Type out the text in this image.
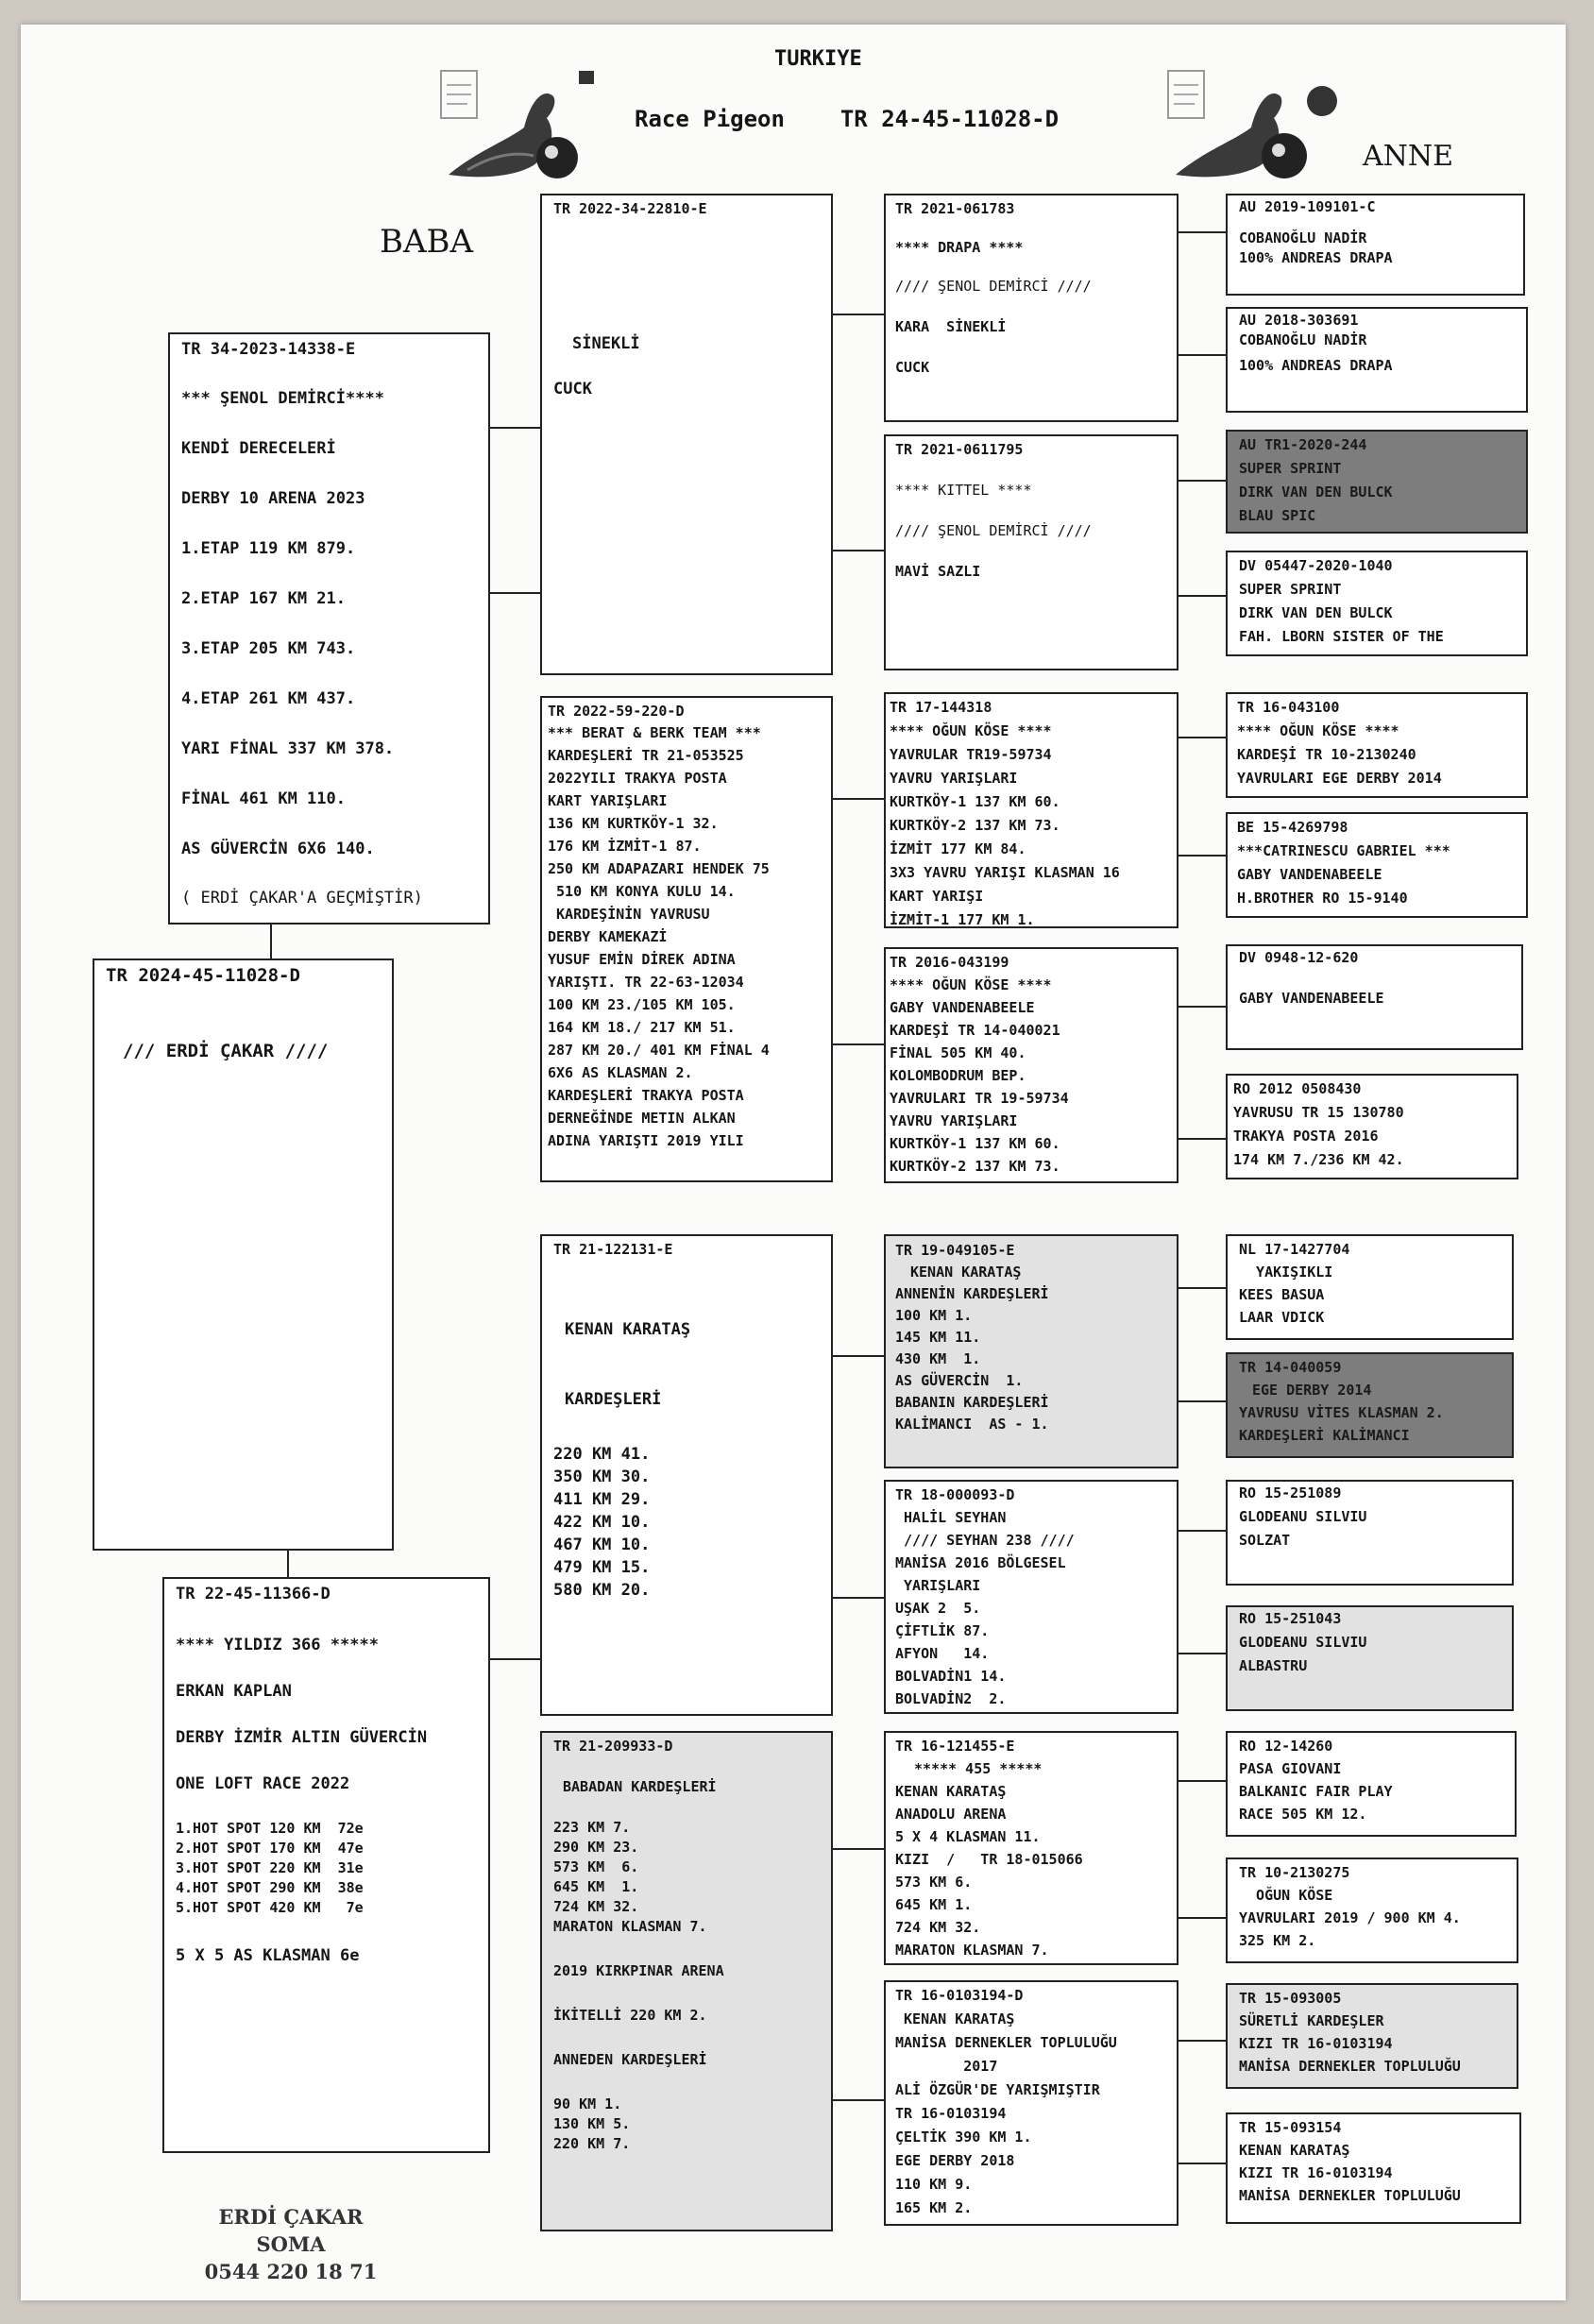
TURKIYE
Race Pigeon TR 24-45-11028-D
BABA
ANNE
TR 2024-45-11028-D
/// ERDİ ÇAKAR ////
TR 34-2023-14338-E
*** ŞENOL DEMİRCİ****
KENDİ DERECELERİ
DERBY 10 ARENA 2023
1.ETAP 119 KM 879.
2.ETAP 167 KM 21.
3.ETAP 205 KM 743.
4.ETAP 261 KM 437.
YARI FİNAL 337 KM 378.
FİNAL 461 KM 110.
AS GÜVERCİN 6X6 140.
( ERDİ ÇAKAR'A GEÇMİŞTİR)
TR 22-45-11366-D
**** YILDIZ 366 *****
ERKAN KAPLAN
DERBY İZMİR ALTIN GÜVERCİN
ONE LOFT RACE 2022
1.HOT SPOT 120 KM  72e
2.HOT SPOT 170 KM  47e
3.HOT SPOT 220 KM  31e
4.HOT SPOT 290 KM  38e
5.HOT SPOT 420 KM   7e
5 X 5 AS KLASMAN 6e
TR 2022-34-22810-E
SİNEKLİ
CUCK
TR 2022-59-220-D
*** BERAT & BERK TEAM ***
KARDEŞLERİ TR 21-053525
2022YILI TRAKYA POSTA
KART YARIŞLARI
136 KM KURTKÖY-1 32.
176 KM İZMİT-1 87.
250 KM ADAPAZARI HENDEK 75
510 KM KONYA KULU 14.
KARDEŞİNİN YAVRUSU
DERBY KAMEKAZİ
YUSUF EMİN DİREK ADINA
YARIŞTI. TR 22-63-12034
100 KM 23./105 KM 105.
164 KM 18./ 217 KM 51.
287 KM 20./ 401 KM FİNAL 4
6X6 AS KLASMAN 2.
KARDEŞLERİ TRAKYA POSTA
DERNEĞİNDE METIN ALKAN
ADINA YARIŞTI 2019 YILI
TR 21-122131-E
KENAN KARATAŞ
KARDEŞLERİ
220 KM 41.
350 KM 30.
411 KM 29.
422 KM 10.
467 KM 10.
479 KM 15.
580 KM 20.
TR 21-209933-D
BABADAN KARDEŞLERİ
223 KM 7.
290 KM 23.
573 KM  6.
645 KM  1.
724 KM 32.
MARATON KLASMAN 7.
2019 KIRKPINAR ARENA
İKİTELLİ 220 KM 2.
ANNEDEN KARDEŞLERİ
90 KM 1.
130 KM 5.
220 KM 7.
TR 2021-061783
**** DRAPA ****
//// ŞENOL DEMİRCİ ////
KARA  SİNEKLİ
CUCK
TR 2021-0611795
**** KITTEL ****
//// ŞENOL DEMİRCİ ////
MAVİ SAZLI
TR 17-144318
**** OĞUN KÖSE ****
YAVRULAR TR19-59734
YAVRU YARIŞLARI
KURTKÖY-1 137 KM 60.
KURTKÖY-2 137 KM 73.
İZMİT 177 KM 84.
3X3 YAVRU YARIŞI KLASMAN 16
KART YARIŞI
İZMİT-1 177 KM 1.
TR 2016-043199
**** OĞUN KÖSE ****
GABY VANDENABEELE
KARDEŞİ TR 14-040021
FİNAL 505 KM 40.
KOLOMBODRUM BEP.
YAVRULARI TR 19-59734
YAVRU YARIŞLARI
KURTKÖY-1 137 KM 60.
KURTKÖY-2 137 KM 73.
TR 19-049105-E
KENAN KARATAŞ
ANNENİN KARDEŞLERİ
100 KM 1.
145 KM 11.
430 KM  1.
AS GÜVERCİN  1.
BABANIN KARDEŞLERİ
KALİMANCI  AS - 1.
TR 18-000093-D
HALİL SEYHAN
//// SEYHAN 238 ////
MANİSA 2016 BÖLGESEL
YARIŞLARI
UŞAK 2  5.
ÇİFTLİK 87.
AFYON   14.
BOLVADİN1 14.
BOLVADİN2  2.
TR 16-121455-E
***** 455 *****
KENAN KARATAŞ
ANADOLU ARENA
5 X 4 KLASMAN 11.
KIZI  /   TR 18-015066
573 KM 6.
645 KM 1.
724 KM 32.
MARATON KLASMAN 7.
TR 16-0103194-D
KENAN KARATAŞ
MANİSA DERNEKLER TOPLULUĞU
2017
ALİ ÖZGÜR'DE YARIŞMIŞTIR
TR 16-0103194
ÇELTİK 390 KM 1.
EGE DERBY 2018
110 KM 9.
165 KM 2.
AU 2019-109101-C
COBANOĞLU NADİR
100% ANDREAS DRAPA
AU 2018-303691
COBANOĞLU NADİR
100% ANDREAS DRAPA
AU TR1-2020-244
SUPER SPRINT
DIRK VAN DEN BULCK
BLAU SPIC
DV 05447-2020-1040
SUPER SPRINT
DIRK VAN DEN BULCK
FAH. LBORN SISTER OF THE
TR 16-043100
**** OĞUN KÖSE ****
KARDEŞİ TR 10-2130240
YAVRULARI EGE DERBY 2014
BE 15-4269798
***CATRINESCU GABRIEL ***
GABY VANDENABEELE
H.BROTHER RO 15-9140
DV 0948-12-620
GABY VANDENABEELE
RO 2012 0508430
YAVRUSU TR 15 130780
TRAKYA POSTA 2016
174 KM 7./236 KM 42.
NL 17-1427704
YAKIŞIKLI
KEES BASUA
LAAR VDICK
TR 14-040059
EGE DERBY 2014
YAVRUSU VİTES KLASMAN 2.
KARDEŞLERİ KALİMANCI
RO 15-251089
GLODEANU SILVIU
SOLZAT
RO 15-251043
GLODEANU SILVIU
ALBASTRU
RO 12-14260
PASA GIOVANI
BALKANIC FAIR PLAY
RACE 505 KM 12.
TR 10-2130275
OĞUN KÖSE
YAVRULARI 2019 / 900 KM 4.
325 KM 2.
TR 15-093005
SÜRETLİ KARDEŞLER
KIZI TR 16-0103194
MANİSA DERNEKLER TOPLULUĞU
TR 15-093154
KENAN KARATAŞ
KIZI TR 16-0103194
MANİSA DERNEKLER TOPLULUĞU
ERDİ ÇAKAR
SOMA
0544 220 18 71
